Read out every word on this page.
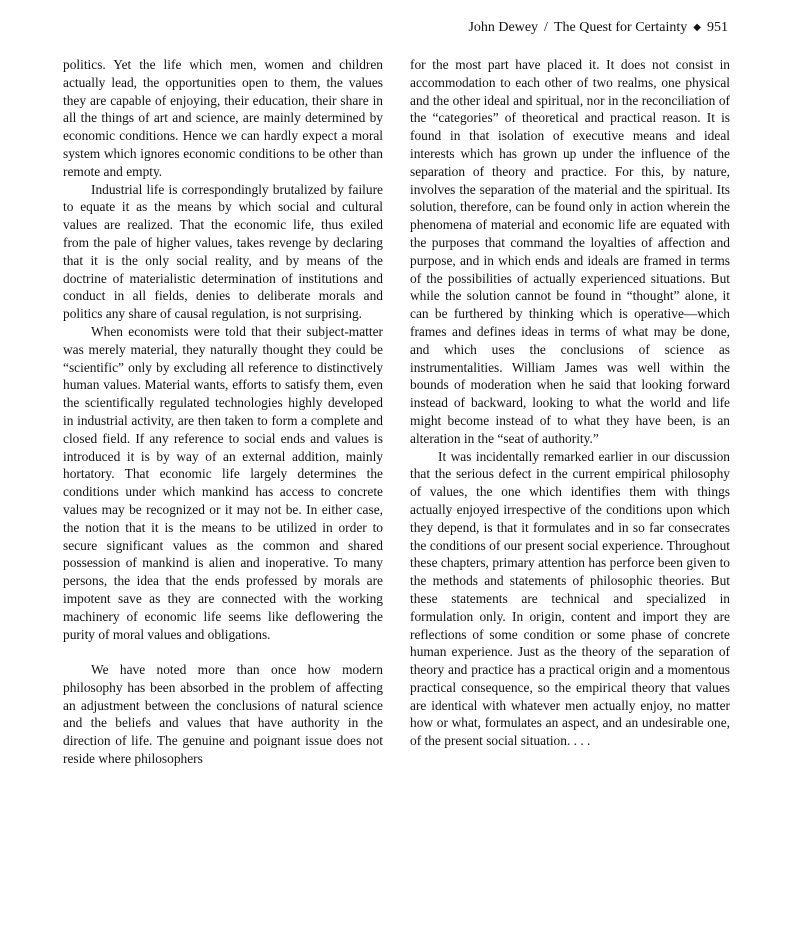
John Dewey / The Quest for Certainty ◆ 951

politics. Yet the life which men, women and children actually lead, the opportunities open to them, the values they are capable of enjoying, their education, their share in all the things of art and science, are mainly determined by economic conditions. Hence we can hardly expect a moral system which ignores economic conditions to be other than remote and empty.

Industrial life is correspondingly brutalized by failure to equate it as the means by which social and cultural values are realized. That the economic life, thus exiled from the pale of higher values, takes revenge by declaring that it is the only social reality, and by means of the doctrine of materialistic determination of institutions and conduct in all fields, denies to deliberate morals and politics any share of causal regulation, is not surprising.

When economists were told that their subject-matter was merely material, they naturally thought they could be “scientific” only by excluding all reference to distinctively human values. Material wants, efforts to satisfy them, even the scientifically regulated technologies highly developed in industrial activity, are then taken to form a complete and closed field. If any reference to social ends and values is introduced it is by way of an external addition, mainly hortatory. That economic life largely determines the conditions under which mankind has access to concrete values may be recognized or it may not be. In either case, the notion that it is the means to be utilized in order to secure significant values as the common and shared possession of mankind is alien and inoperative. To many persons, the idea that the ends professed by morals are impotent save as they are connected with the working machinery of economic life seems like deflowering the purity of moral values and obligations.

We have noted more than once how modern philosophy has been absorbed in the problem of affecting an adjustment between the conclusions of natural science and the beliefs and values that have authority in the direction of life. The genuine and poignant issue does not reside where philosophers

for the most part have placed it. It does not consist in accommodation to each other of two realms, one physical and the other ideal and spiritual, nor in the reconciliation of the “categories” of theoretical and practical reason. It is found in that isolation of executive means and ideal interests which has grown up under the influence of the separation of theory and practice. For this, by nature, involves the separation of the material and the spiritual. Its solution, therefore, can be found only in action wherein the phenomena of material and economic life are equated with the purposes that command the loyalties of affection and purpose, and in which ends and ideals are framed in terms of the possibilities of actually experienced situations. But while the solution cannot be found in “thought” alone, it can be furthered by thinking which is operative—which frames and defines ideas in terms of what may be done, and which uses the conclusions of science as instrumentalities. William James was well within the bounds of moderation when he said that looking forward instead of backward, looking to what the world and life might become instead of to what they have been, is an alteration in the “seat of authority.”

It was incidentally remarked earlier in our discussion that the serious defect in the current empirical philosophy of values, the one which identifies them with things actually enjoyed irrespective of the conditions upon which they depend, is that it formulates and in so far consecrates the conditions of our present social experience. Throughout these chapters, primary attention has perforce been given to the methods and statements of philosophic theories. But these statements are technical and specialized in formulation only. In origin, content and import they are reflections of some condition or some phase of concrete human experience. Just as the theory of the separation of theory and practice has a practical origin and a momentous practical consequence, so the empirical theory that values are identical with whatever men actually enjoy, no matter how or what, formulates an aspect, and an undesirable one, of the present social situation. . . .
